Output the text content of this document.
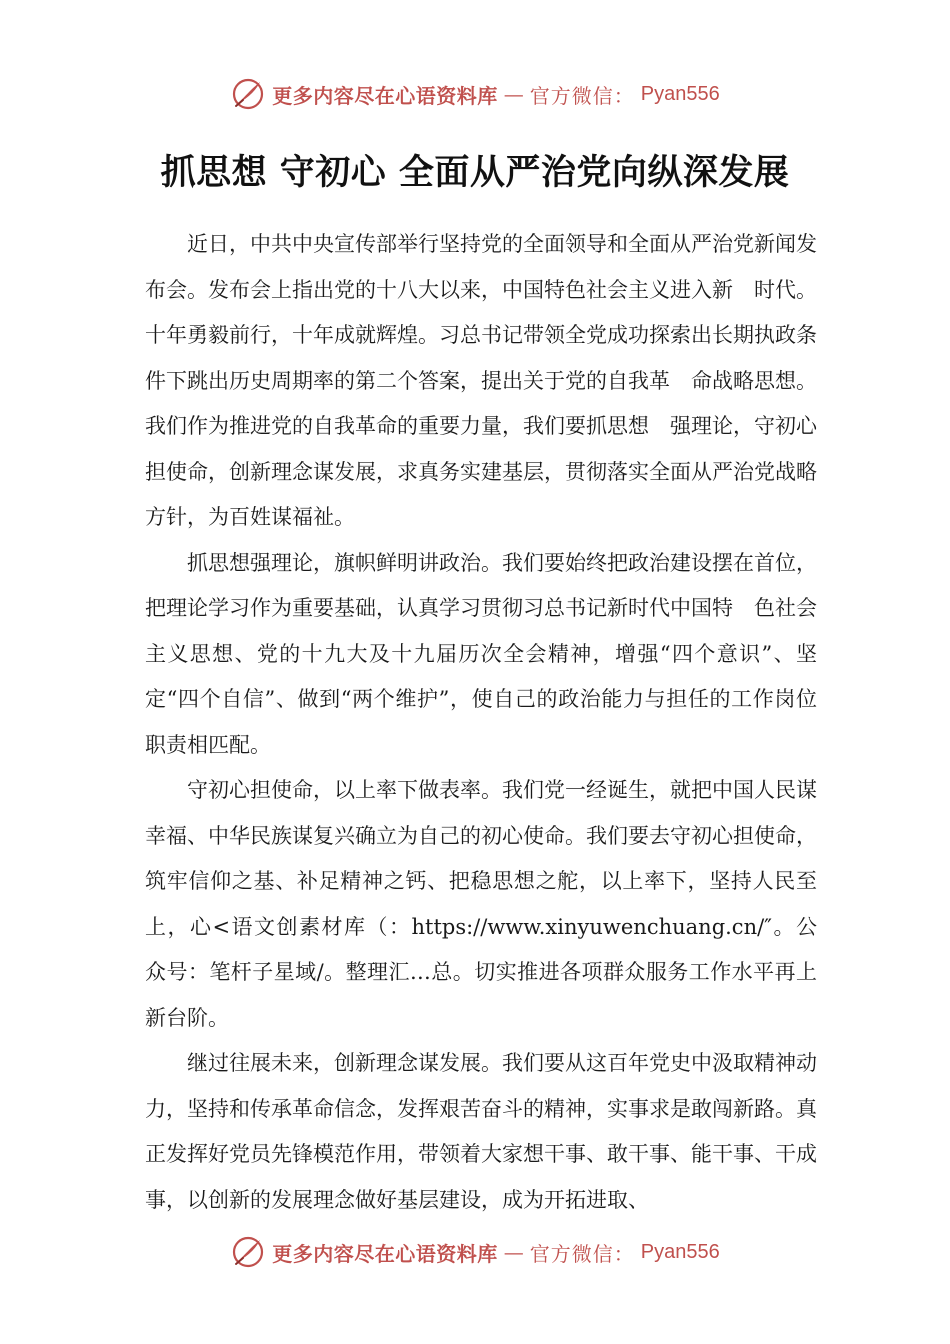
更多内容尽在心语资料库 — 官方微信： Pyan556
抓思想 守初心 全面从严治党向纵深发展

近日，中共中央宣传部举行坚持党的全面领导和全面从严治党新闻发布会。发布会上指出党的十八大以来，中国特色社会主义进入新　时代。十年勇毅前行，十年成就辉煌。习总书记带领全党成功探索出长期执政条件下跳出历史周期率的第二个答案，提出关于党的自我革　命战略思想。我们作为推进党的自我革命的重要力量，我们要抓思想　强理论，守初心担使命，创新理念谋发展，求真务实建基层，贯彻落实全面从严治党战略方针，为百姓谋福祉。

抓思想强理论，旗帜鲜明讲政治。我们要始终把政治建设摆在首位，把理论学习作为重要基础，认真学习贯彻习总书记新时代中国特　色社会主义思想、党的十九大及十九届历次全会精神，增强“四个意识”、坚定“四个自信”、做到“两个维护”，使自己的政治能力与担任的工作岗位职责相匹配。

守初心担使命，以上率下做表率。我们党一经诞生，就把中国人民谋幸福、中华民族谋复兴确立为自己的初心使命。我们要去守初心担使命，筑牢信仰之基、补足精神之钙、把稳思想之舵，以上率下，坚持人民至上，心<语文创素材库（：https://www.xinyuwenchuang.cn/″。公众号：笔杆子星域/。整理汇…总。切实推进各项群众服务工作水平再上新台阶。

继过往展未来，创新理念谋发展。我们要从这百年党史中汲取精神动力，坚持和传承革命信念，发挥艰苦奋斗的精神，实事求是敢闯新路。真正发挥好党员先锋模范作用，带领着大家想干事、敢干事、能干事、干成事，以创新的发展理念做好基层建设，成为开拓进取、

更多内容尽在心语资料库 — 官方微信： Pyan556
